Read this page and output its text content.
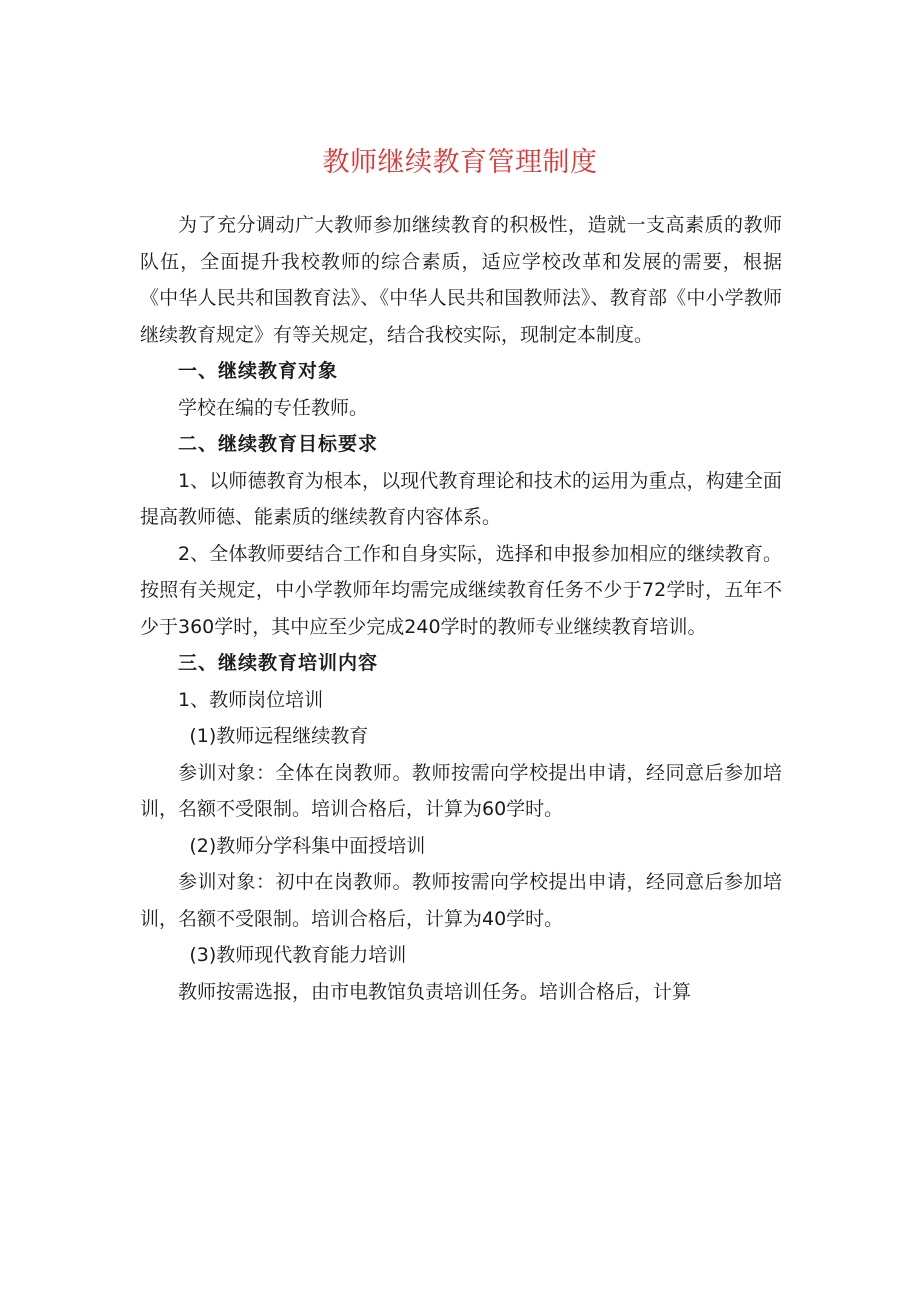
教师继续教育管理制度

为了充分调动广大教师参加继续教育的积极性，造就一支高素质的教师队伍，全面提升我校教师的综合素质，适应学校改革和发展的需要，根据《中华人民共和国教育法》、《中华人民共和国教师法》、教育部《中小学教师继续教育规定》有等关规定，结合我校实际，现制定本制度。

一、继续教育对象

学校在编的专任教师。

二、继续教育目标要求

1、以师德教育为根本，以现代教育理论和技术的运用为重点，构建全面提高教师德、能素质的继续教育内容体系。

2、全体教师要结合工作和自身实际，选择和申报参加相应的继续教育。按照有关规定，中小学教师年均需完成继续教育任务不少于72学时，五年不少于360学时，其中应至少完成240学时的教师专业继续教育培训。

三、继续教育培训内容

1、教师岗位培训

(1)教师远程继续教育

参训对象：全体在岗教师。教师按需向学校提出申请，经同意后参加培训，名额不受限制。培训合格后，计算为60学时。

(2)教师分学科集中面授培训

参训对象：初中在岗教师。教师按需向学校提出申请，经同意后参加培训，名额不受限制。培训合格后，计算为40学时。

(3)教师现代教育能力培训

教师按需选报，由市电教馆负责培训任务。培训合格后，计算
